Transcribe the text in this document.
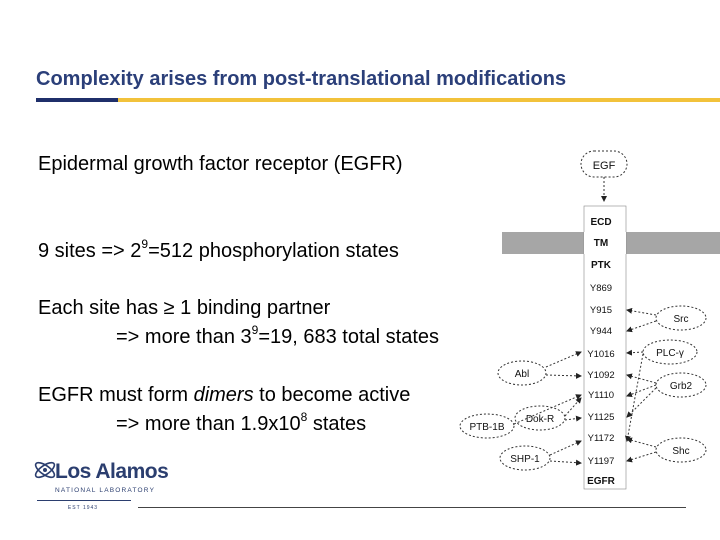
Complexity arises from post-translational modifications
Epidermal growth factor receptor (EGFR)
9 sites => $2^9=512$ phosphorylation states
Each site has ≥ 1 binding partner
=> more than $3^9=19$, 683 total states
EGFR must form dimers to become active
=> more than $1.9x10^8$ states
Los Alamos
NATIONAL LABORATORY
EST 1943
EGF
ECD
TM
PTK
Y869
Y915
Y944
Y1016
Y1092
Y1110
Y1125
Y1172
Y1197
EGFR
Abl
Dok-R
PTB-1B
SHP-1
Src
PLC-γ
Grb2
Shc
